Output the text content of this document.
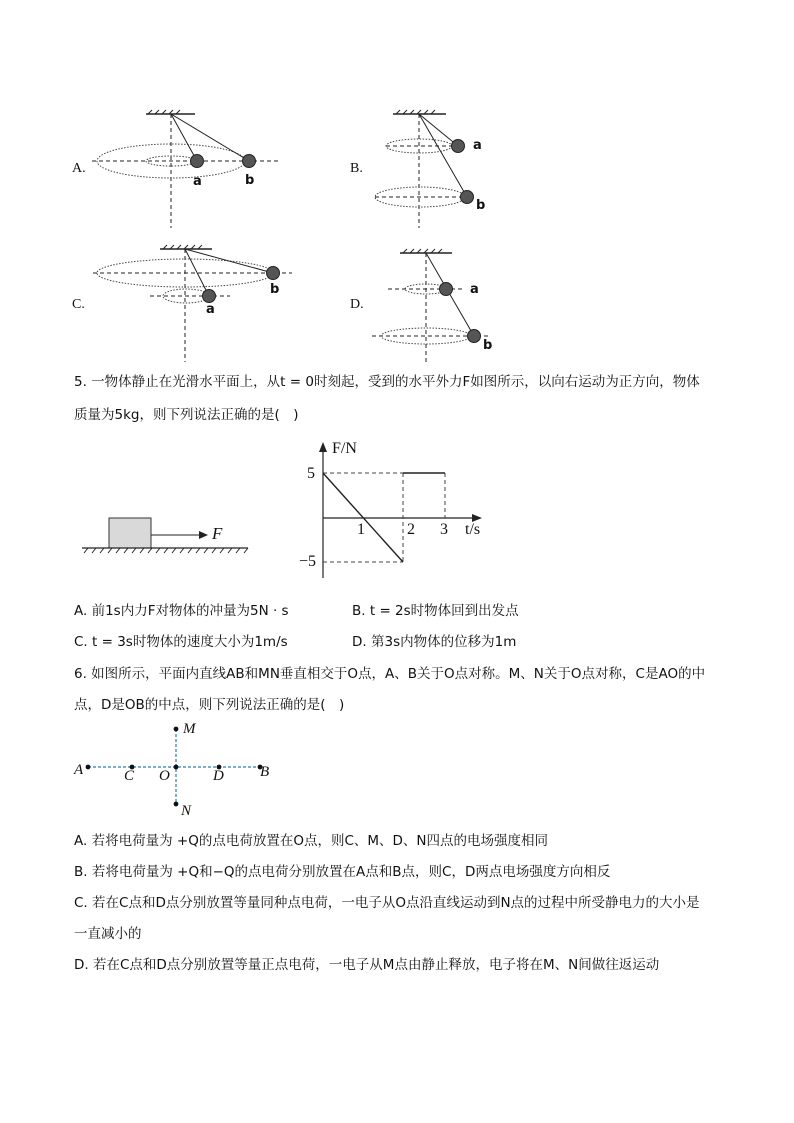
A.
a	b
B.
a
b
C.	a
b
D.
a
b
5. 一物体静止在光滑水平面上，从t = 0时刻起，受到的水平外力F如图所示，以向右运动为正方向，物体
质量为5kg，则下列说法正确的是(　)
F
F/N
5
−5
1	2 3 t/s
A. 前1s内力F对物体的冲量为5N · s	B. t = 2s时物体回到出发点
C. t = 3s时物体的速度大小为1m/s	D. 第3s内物体的位移为1m
6. 如图所示，平面内直线AB和MN垂直相交于O点，A、B关于O点对称。M、N关于O点对称，C是AO的中
点，D是OB的中点，则下列说法正确的是(　)
A	C O	D B
M
N
A. 若将电荷量为 +Q的点电荷放置在O点，则C、M、D、N四点的电场强度相同
B. 若将电荷量为 +Q和−Q的点电荷分别放置在A点和B点，则C，D两点电场强度方向相反
C. 若在C点和D点分别放置等量同种点电荷，一电子从O点沿直线运动到N点的过程中所受静电力的大小是
一直减小的
D. 若在C点和D点分别放置等量正点电荷，一电子从M点由静止释放，电子将在M、N间做往返运动
